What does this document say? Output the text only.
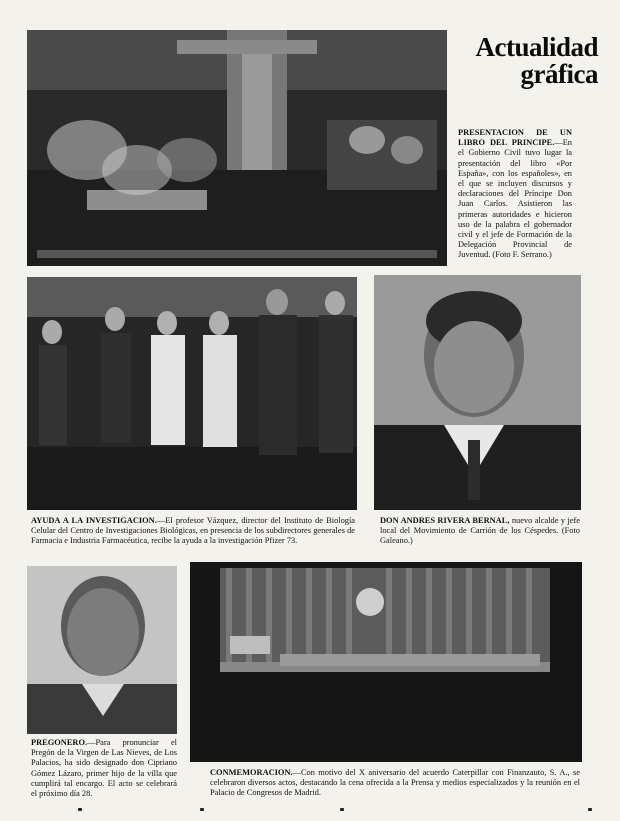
Actualidad
gráfica
PRESENTACION DE UN LIBRO DEL PRINCIPE.—En el Gobierno Civil tuvo lugar la presentación del libro «Por España», con los españoles», en el que se incluyen discursos y declaraciones del Príncipe Don Juan Carlos. Asistieron las primeras autoridades e hicieron uso de la palabra el gobernador civil y el jefe de Formación de la Delegación Provincial de Juventud. (Foto F. Serrano.)
AYUDA A LA INVESTIGACION.—El profesor Vázquez, director del Instituto de Biología Celular del Centro de Investigaciones Biológicas, en presencia de los subdirectores generales de Farmacia e Industria Farmacéutica, recibe la ayuda a la investigación Pfizer 73.
DON ANDRES RIVERA BERNAL, nuevo alcalde y jefe local del Movimiento de Carrión de los Céspedes. (Foto Galeano.)
PREGONERO.—Para pronunciar el Pregón de la Virgen de Las Nieves, de Los Palacios, ha sido designado don Cipriano Gómez Lázaro, primer hijo de la villa que cumplirá tal encargo. El acto se celebrará el próximo día 28.
CONMEMORACION.—Con motivo del X aniversario del acuerdo Caterpillar con Finanzauto, S. A., se celebraron diversos actos, destacando la cena ofrecida a la Prensa y medios especializados y la reunión en el Palacio de Congresos de Madrid.
